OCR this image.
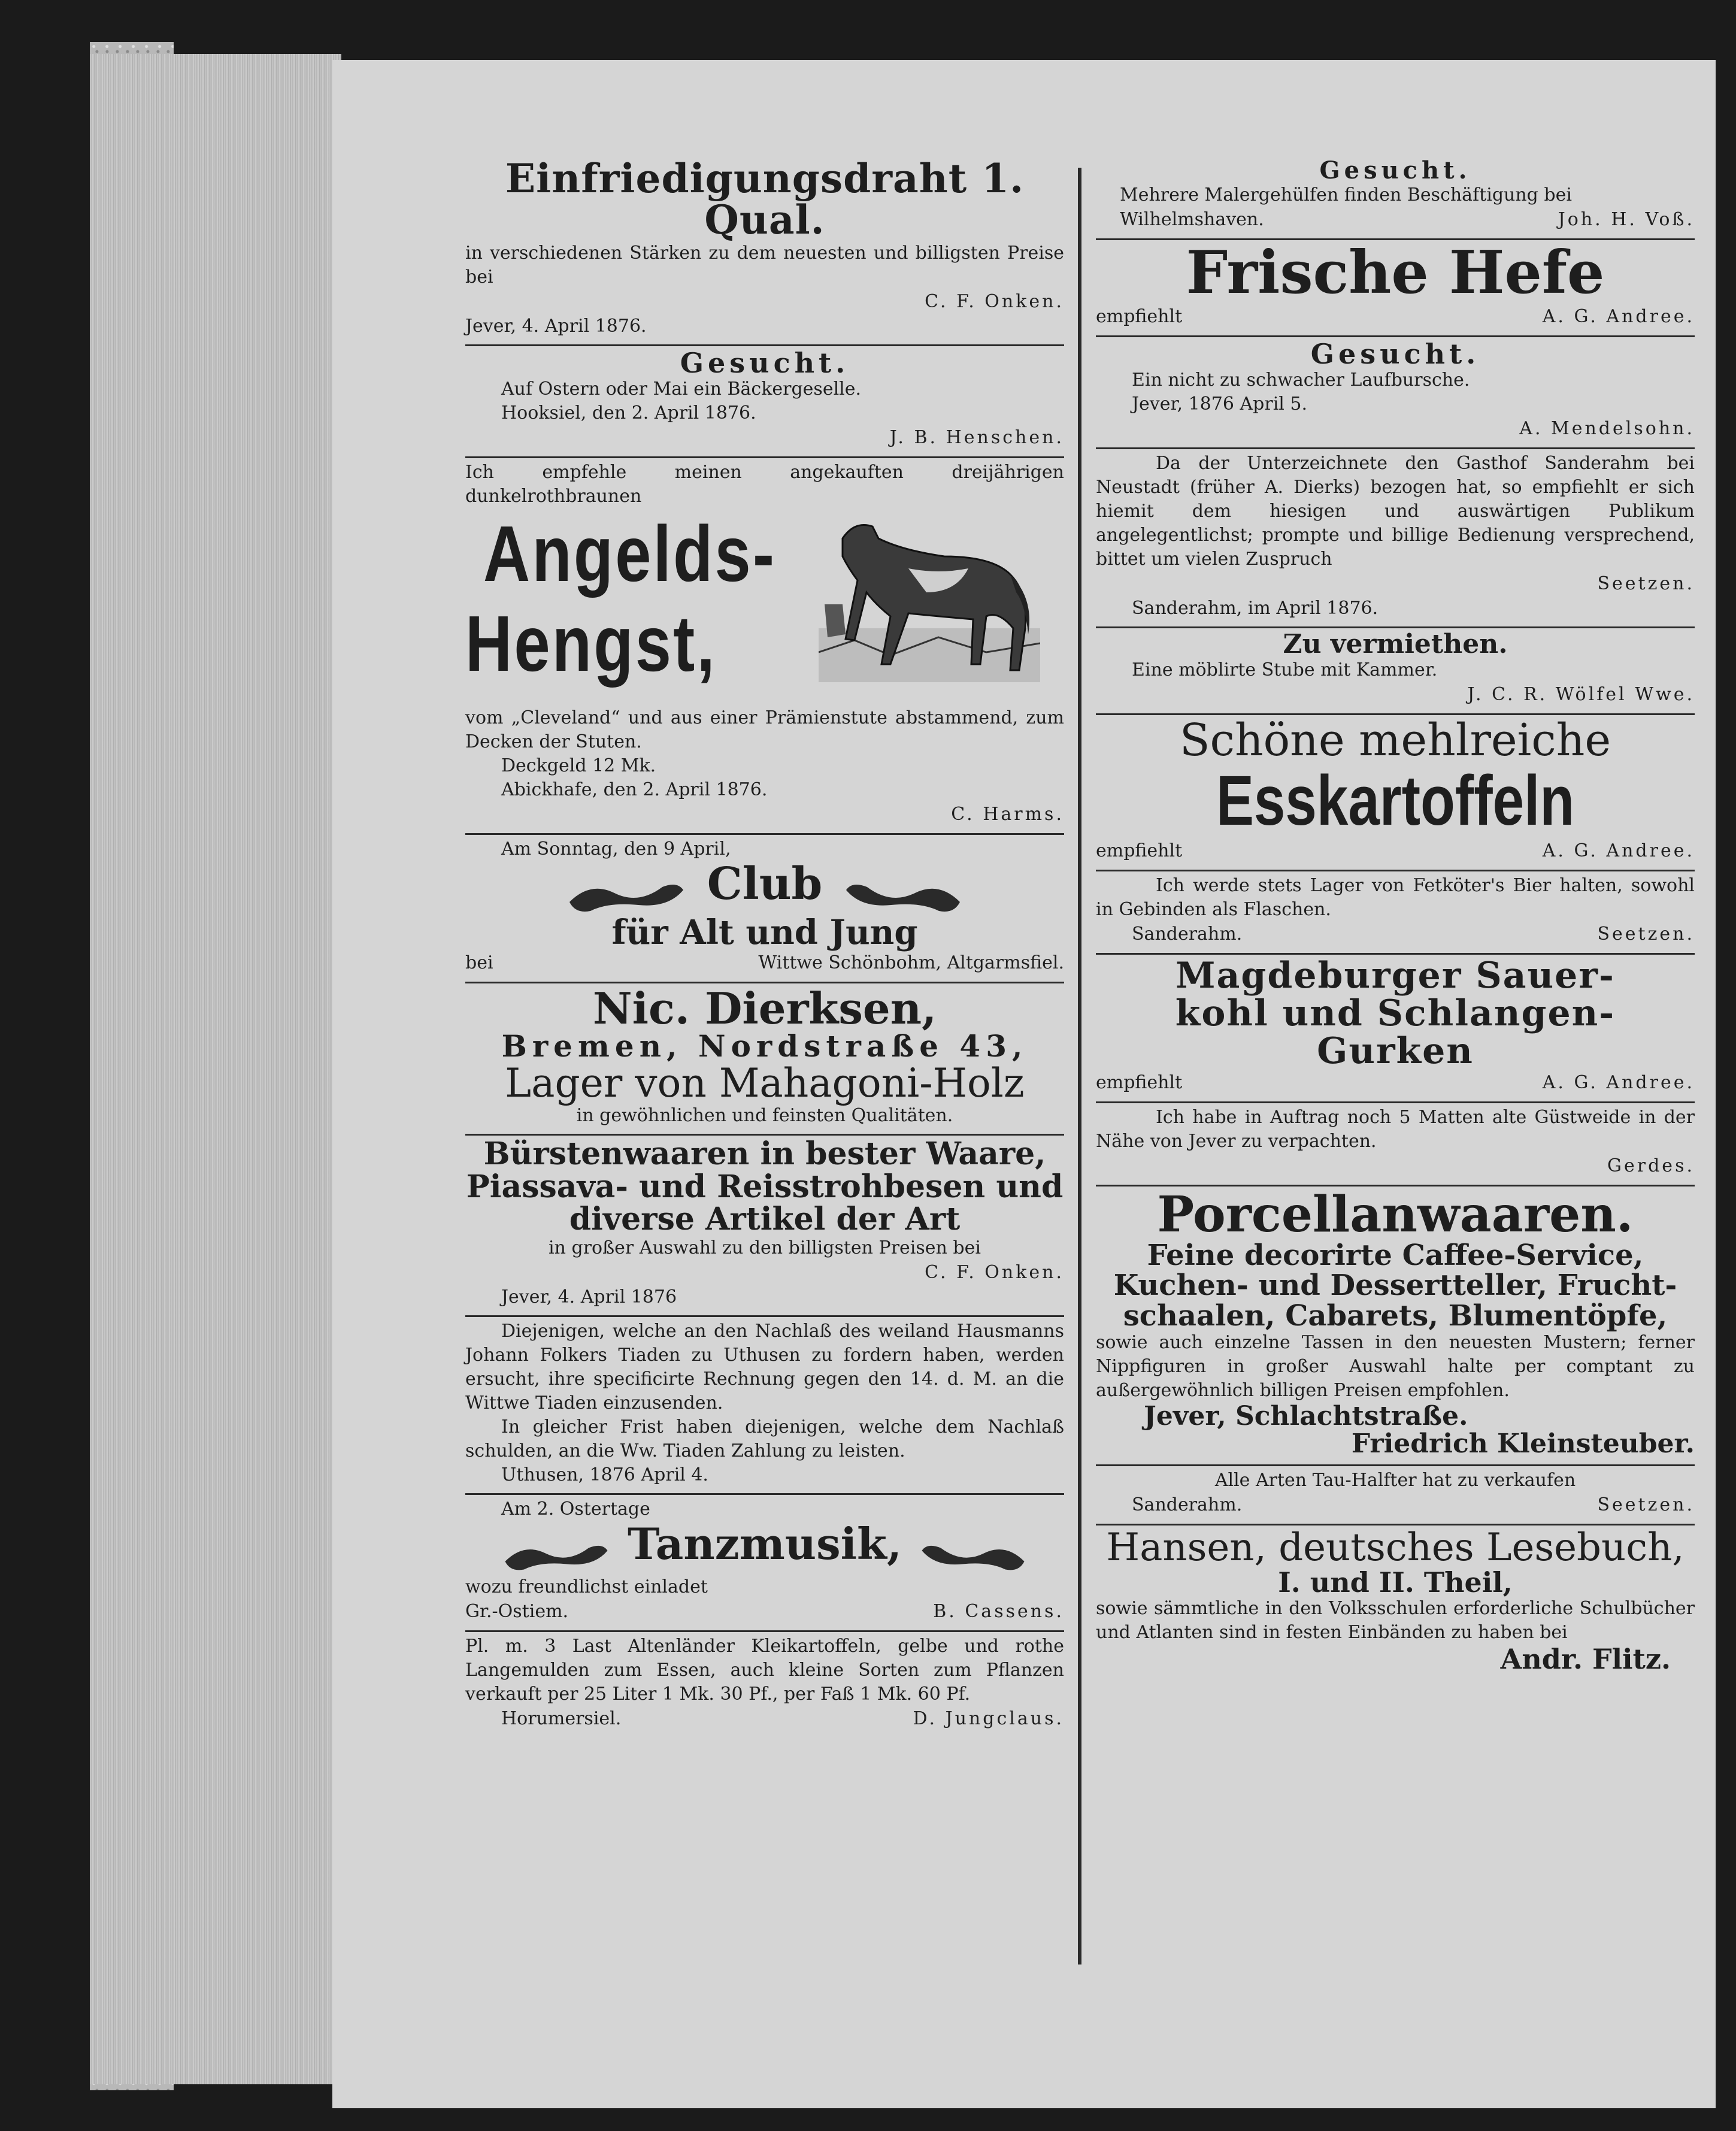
Einfriedigungsdraht 1. Qual.
in verschiedenen Stärken zu dem neuesten und billigsten Preise bei
C. F. Onken.
Jever, 4. April 1876.
Gesucht.
Auf Ostern oder Mai ein Bäckergeselle.
Hooksiel, den 2. April 1876.
J. B. Henschen.
Ich empfehle meinen angekauften dreijährigen dunkelrothbraunen
Angelds-
Hengst,
vom „Cleveland“ und aus einer Prämienstute abstammend, zum Decken der Stuten.
Deckgeld 12 Mk.
Abickhafe, den 2. April 1876.
C. Harms.
Am Sonntag, den 9 April,
Club
für Alt und Jung
bei	Wittwe Schönbohm, Altgarmsfiel.
Nic. Dierksen,
Bremen, Nordstraße 43,
Lager von Mahagoni-Holz
in gewöhnlichen und feinsten Qualitäten.
Bürstenwaaren in bester Waare,
Piassava- und Reisstrohbesen und
diverse Artikel der Art
in großer Auswahl zu den billigsten Preisen bei
C. F. Onken.
Jever, 4. April 1876
Diejenigen, welche an den Nachlaß des weiland Hausmanns Johann Folkers Tiaden zu Uthusen zu fordern haben, werden ersucht, ihre specificirte Rechnung gegen den 14. d. M. an die Wittwe Tiaden einzusenden.
In gleicher Frist haben diejenigen, welche dem Nachlaß schulden, an die Ww. Tiaden Zahlung zu leisten.
Uthusen, 1876 April 4.
Am 2. Ostertage
Tanzmusik,
wozu freundlichst einladet
Gr.-Ostiem.	B. Cassens.
Pl. m. 3 Last Altenländer Kleikartoffeln, gelbe und rothe Langemulden zum Essen, auch kleine Sorten zum Pflanzen verkauft per 25 Liter 1 Mk. 30 Pf., per Faß 1 Mk. 60 Pf.
Horumersiel.	D. Jungclaus.
Gesucht.
Mehrere Malergehülfen finden Beschäftigung bei
Wilhelmshaven.	Joh. H. Voß.
Frische Hefe
empfiehlt	A. G. Andree.
Gesucht.
Ein nicht zu schwacher Laufbursche.
Jever, 1876 April 5.
A. Mendelsohn.
Da der Unterzeichnete den Gasthof Sanderahm bei Neustadt (früher A. Dierks) bezogen hat, so empfiehlt er sich hiemit dem hiesigen und auswärtigen Publikum angelegentlichst; prompte und billige Bedienung versprechend, bittet um vielen Zuspruch
Seetzen.
Sanderahm, im April 1876.
Zu vermiethen.
Eine möblirte Stube mit Kammer.
J. C. R. Wölfel Wwe.
Schöne mehlreiche
Esskartoffeln
empfiehlt	A. G. Andree.
Ich werde stets Lager von Fetköter's Bier halten, sowohl in Gebinden als Flaschen.
Sanderahm.	Seetzen.
Magdeburger Sauer-
kohl und Schlangen-
Gurken
empfiehlt	A. G. Andree.
Ich habe in Auftrag noch 5 Matten alte Güstweide in der Nähe von Jever zu verpachten.
Gerdes.
Porcellanwaaren.
Feine decorirte Caffee-Service,
Kuchen- und Dessertteller, Frucht-
schaalen, Cabarets, Blumentöpfe,
sowie auch einzelne Tassen in den neuesten Mustern; ferner Nippfiguren in großer Auswahl halte per comptant zu außergewöhnlich billigen Preisen empfohlen.
Jever, Schlachtstraße.
Friedrich Kleinsteuber.
Alle Arten Tau-Halfter hat zu verkaufen
Sanderahm.	Seetzen.
Hansen, deutsches Lesebuch,
I. und II. Theil,
sowie sämmtliche in den Volksschulen erforderliche Schulbücher und Atlanten sind in festen Einbänden zu haben bei
Andr. Flitz.
